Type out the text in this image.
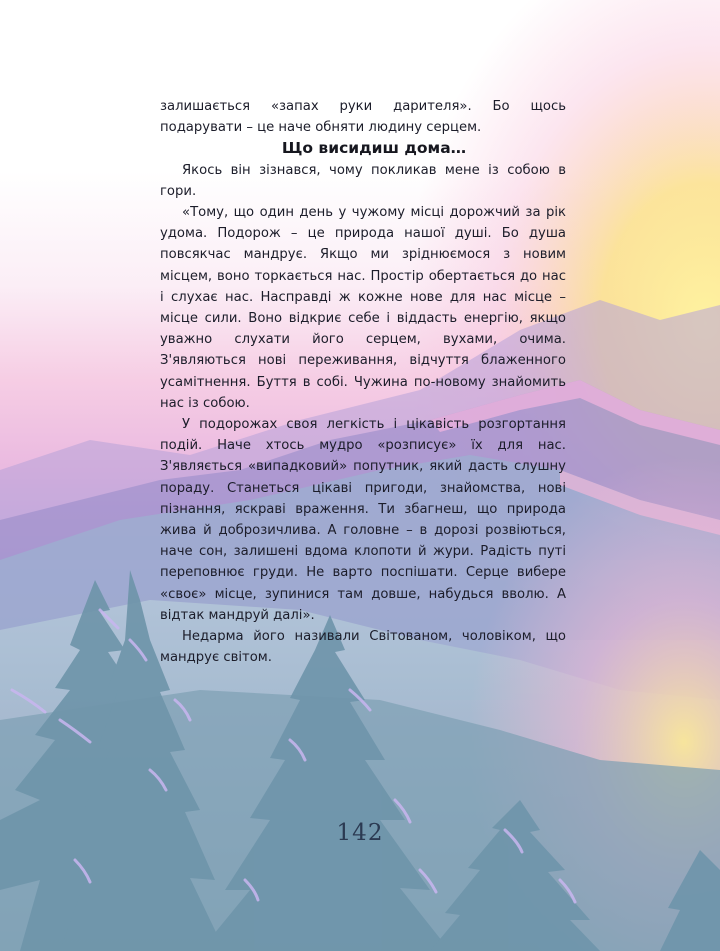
залишається «запах руки дарителя». Бо щось подарувати – це наче обняти людину серцем.

Що висидиш дома…

Якось він зізнався, чому покликав мене із собою в гори.

«Тому, що один день у чужому місці дорожчий за рік удома. Подорож – це природа нашої душі. Бо душа повсякчас мандрує. Якщо ми зріднюємося з новим місцем, воно торкається нас. Простір обертається до нас і слухає нас. Насправді ж кожне нове для нас місце – місце сили. Воно відкриє себе і віддасть енергію, якщо уважно слухати його серцем, вухами, очима. З'являються нові переживання, відчуття блаженного усамітнення. Буття в собі. Чужина по-новому знайомить нас із собою.

У подорожах своя легкість і цікавість розгортання подій. Наче хтось мудро «розписує» їх для нас. З'являється «випадковий» попутник, який дасть слушну пораду. Станеться цікаві пригоди, знайомства, нові пізнання, яскраві враження. Ти збагнеш, що природа жива й доброзичлива. А головне – в дорозі розвіються, наче сон, залишені вдома клопоти й жури. Радість путі переповнює груди. Не варто поспішати. Серце вибере «своє» місце, зупинися там довше, набудься вволю. А відтак мандруй далі».

Недарма його називали Світованом, чоловіком, що мандрує світом.

142
